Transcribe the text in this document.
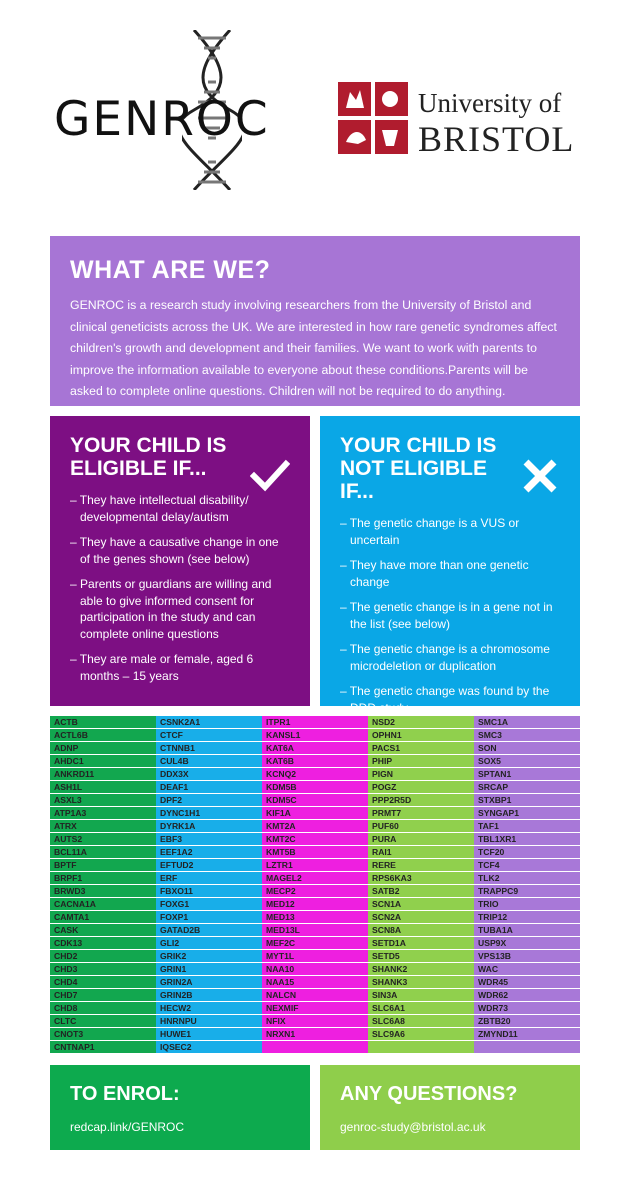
GENROC	University of
BRISTOL
WHAT ARE WE?

GENROC is a research study involving researchers from the University of Bristol and clinical geneticists across the UK. We are interested in how rare genetic syndromes affect children's growth and development and their families. We want to work with parents to improve the information available to everyone about these conditions.Parents will be asked to complete online questions. Children will not be required to do anything.

YOUR CHILD IS ELIGIBLE IF...
– They have intellectual disability/ developmental delay/autism
– They have a causative change in one of the genes shown (see below)
– Parents or guardians are willing and able to give informed consent for participation in the study and can complete online questions
– They are male or female, aged 6 months – 15 years
YOUR CHILD IS NOT ELIGIBLE IF...
– The genetic change is a VUS or uncertain
– They have more than one genetic change
– The genetic change is in a gene not in the list (see below)
– The genetic change is a chromosome microdeletion or duplication
– The genetic change was found by the DDD study
ACTB
ACTL6B
ADNP
AHDC1
ANKRD11
ASH1L
ASXL3
ATP1A3
ATRX
AUTS2
BCL11A
BPTF
BRPF1
BRWD3
CACNA1A
CAMTA1
CASK
CDK13
CHD2
CHD3
CHD4
CHD7
CHD8
CLTC
CNOT3
CNTNAP1
CSNK2A1
CTCF
CTNNB1
CUL4B
DDX3X
DEAF1
DPF2
DYNC1H1
DYRK1A
EBF3
EEF1A2
EFTUD2
ERF
FBXO11
FOXG1
FOXP1
GATAD2B
GLI2
GRIK2
GRIN1
GRIN2A
GRIN2B
HECW2
HNRNPU
HUWE1
IQSEC2
ITPR1
KANSL1
KAT6A
KAT6B
KCNQ2
KDM5B
KDM5C
KIF1A
KMT2A
KMT2C
KMT5B
LZTR1
MAGEL2
MECP2
MED12
MED13
MED13L
MEF2C
MYT1L
NAA10
NAA15
NALCN
NEXMIF
NFIX
NRXN1
NSD2
OPHN1
PACS1
PHIP
PIGN
POGZ
PPP2R5D
PRMT7
PUF60
PURA
RAI1
RERE
RPS6KA3
SATB2
SCN1A
SCN2A
SCN8A
SETD1A
SETD5
SHANK2
SHANK3
SIN3A
SLC6A1
SLC6A8
SLC9A6
SMC1A
SMC3
SON
SOX5
SPTAN1
SRCAP
STXBP1
SYNGAP1
TAF1
TBL1XR1
TCF20
TCF4
TLK2
TRAPPC9
TRIO
TRIP12
TUBA1A
USP9X
VPS13B
WAC
WDR45
WDR62
WDR73
ZBTB20
ZMYND11
TO ENROL:
redcap.link/GENROC
ANY QUESTIONS?
genroc-study@bristol.ac.uk
